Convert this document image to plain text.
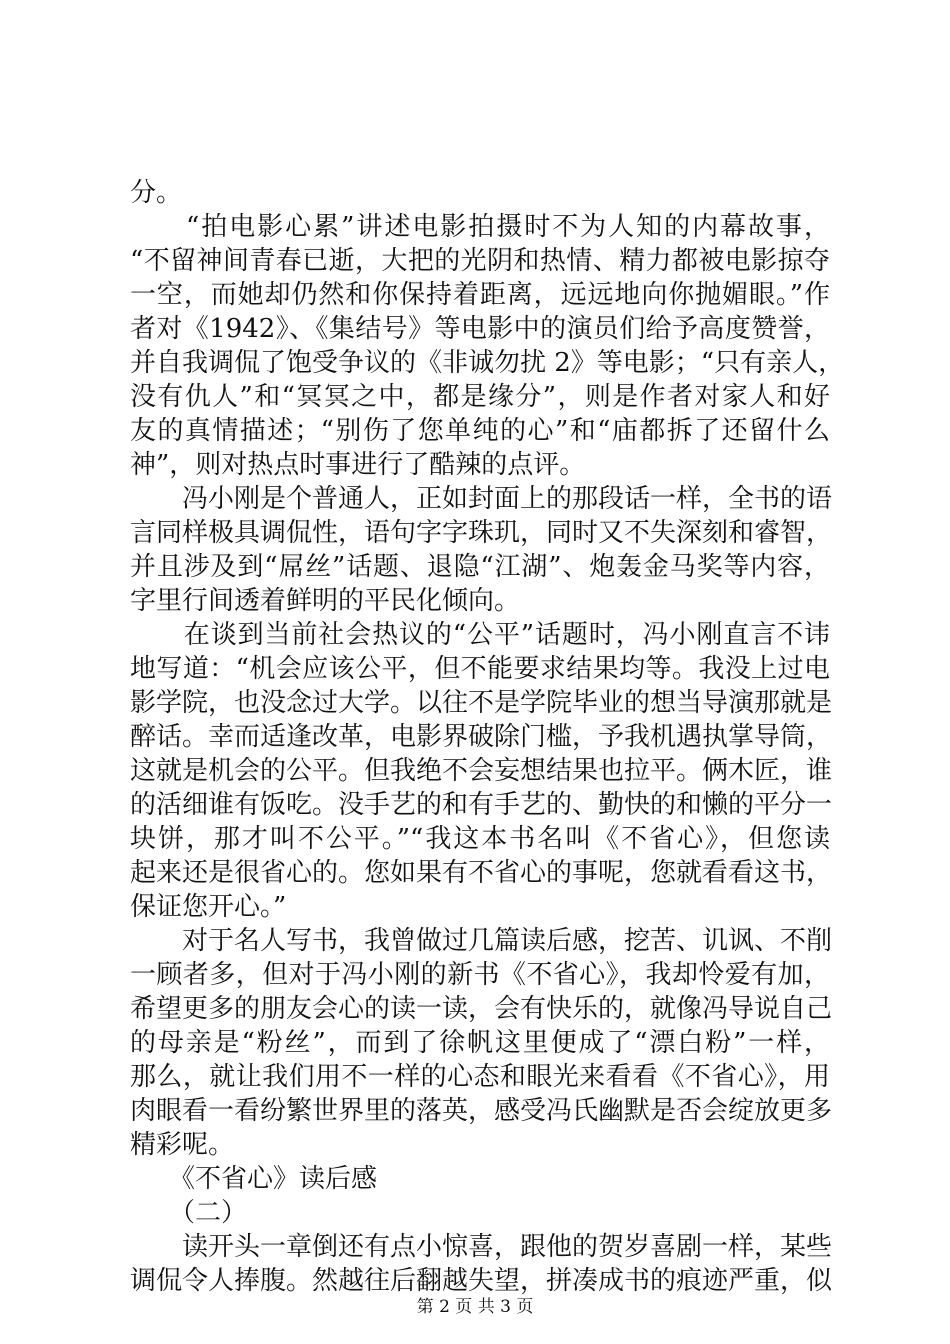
分。
　　“拍电影心累”讲述电影拍摄时不为人知的内幕故事，
“不留神间青春已逝，大把的光阴和热情、精力都被电影掠夺
一空，而她却仍然和你保持着距离，远远地向你抛媚眼。”作
者对《1942》、《集结号》等电影中的演员们给予高度赞誉，
并自我调侃了饱受争议的《非诚勿扰 2》等电影；“只有亲人，
没有仇人”和“冥冥之中，都是缘分”，则是作者对家人和好
友的真情描述；“别伤了您单纯的心”和“庙都拆了还留什么
神”，则对热点时事进行了酷辣的点评。
　　冯小刚是个普通人，正如封面上的那段话一样，全书的语
言同样极具调侃性，语句字字珠玑，同时又不失深刻和睿智，
并且涉及到“屌丝”话题、退隐“江湖”、炮轰金马奖等内容，
字里行间透着鲜明的平民化倾向。
　　在谈到当前社会热议的“公平”话题时，冯小刚直言不讳
地写道：“机会应该公平，但不能要求结果均等。我没上过电
影学院，也没念过大学。以往不是学院毕业的想当导演那就是
醉话。幸而适逢改革，电影界破除门槛，予我机遇执掌导筒，
这就是机会的公平。但我绝不会妄想结果也拉平。俩木匠，谁
的活细谁有饭吃。没手艺的和有手艺的、勤快的和懒的平分一
块饼，那才叫不公平。”“我这本书名叫《不省心》，但您读
起来还是很省心的。您如果有不省心的事呢，您就看看这书，
保证您开心。”
　　对于名人写书，我曾做过几篇读后感，挖苦、讥讽、不削
一顾者多，但对于冯小刚的新书《不省心》，我却怜爱有加，
希望更多的朋友会心的读一读，会有快乐的，就像冯导说自己
的母亲是“粉丝”，而到了徐帆这里便成了“漂白粉”一样，
那么，就让我们用不一样的心态和眼光来看看《不省心》，用
肉眼看一看纷繁世界里的落英，感受冯氏幽默是否会绽放更多
精彩呢。
　　《不省心》读后感
　　（二）
　　读开头一章倒还有点小惊喜，跟他的贺岁喜剧一样，某些
调侃令人捧腹。然越往后翻越失望，拼凑成书的痕迹严重，似
第 2 页 共 3 页
